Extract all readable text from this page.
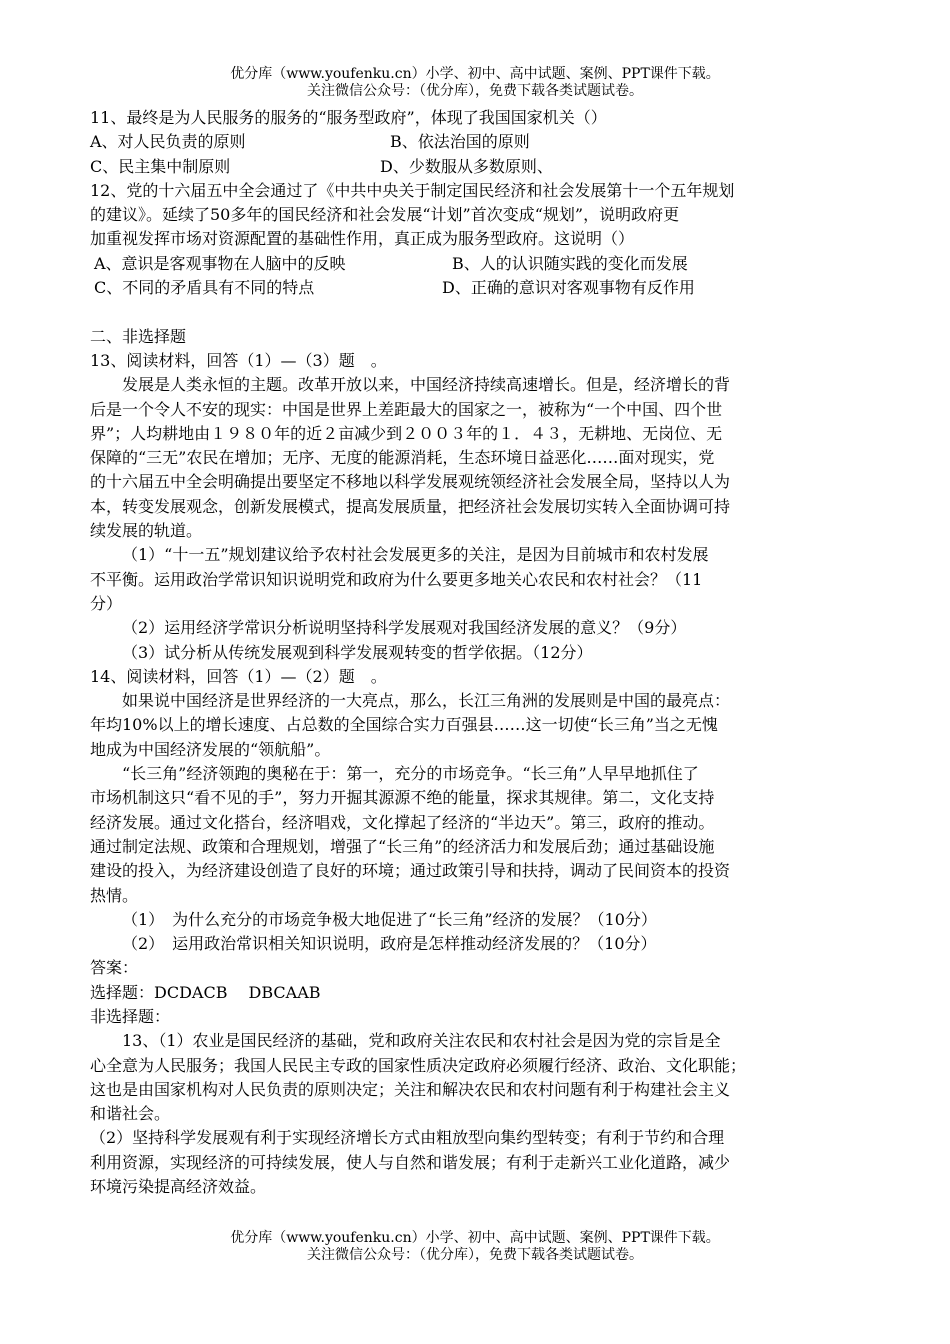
优分库（www.youfenku.cn）小学、初中、高中试题、案例、PPT课件下载。
关注微信公众号：（优分库），免费下载各类试题试卷。

11、最终是为人民服务的服务的“服务型政府”，体现了我国国家机关（）

A、对人民负责的原则	B、依法治国的原则
C、民主集中制原则	D、少数服从多数原则、

12、党的十六届五中全会通过了《中共中央关于制定国民经济和社会发展第十一个五年规划

的建议》。延续了50多年的国民经济和社会发展“计划”首次变成“规划”，说明政府更

加重视发挥市场对资源配置的基础性作用，真正成为服务型政府。这说明（）

A、意识是客观事物在人脑中的反映	B、人的认识随实践的变化而发展
C、不同的矛盾具有不同的特点	D、正确的意识对客观事物有反作用

二、非选择题

13、阅读材料，回答（1）—（3）题　。

发展是人类永恒的主题。改革开放以来，中国经济持续高速增长。但是，经济增长的背

后是一个令人不安的现实：中国是世界上差距最大的国家之一，被称为“一个中国、四个世

界”；人均耕地由１９８０年的近２亩减少到２００３年的１．４３，无耕地、无岗位、无

保障的“三无”农民在增加；无序、无度的能源消耗，生态环境日益恶化……面对现实，党

的十六届五中全会明确提出要坚定不移地以科学发展观统领经济社会发展全局，坚持以人为

本，转变发展观念，创新发展模式，提高发展质量，把经济社会发展切实转入全面协调可持

续发展的轨道。

（1）“十一五”规划建议给予农村社会发展更多的关注，是因为目前城市和农村发展

不平衡。运用政治学常识知识说明党和政府为什么要更多地关心农民和农村社会？（11

分）

（2）运用经济学常识分析说明坚持科学发展观对我国经济发展的意义？（9分）

（3）试分析从传统发展观到科学发展观转变的哲学依据。（12分）

14、阅读材料，回答（1）—（2）题　。

如果说中国经济是世界经济的一大亮点，那么，长江三角洲的发展则是中国的最亮点：

年均10%以上的增长速度、占总数的全国综合实力百强县……这一切使“长三角”当之无愧

地成为中国经济发展的“领航船”。

“长三角”经济领跑的奥秘在于：第一，充分的市场竞争。“长三角”人早早地抓住了

市场机制这只“看不见的手”，努力开掘其源源不绝的能量，探求其规律。第二，文化支持

经济发展。通过文化搭台，经济唱戏，文化撑起了经济的“半边天”。第三，政府的推动。

通过制定法规、政策和合理规划，增强了“长三角”的经济活力和发展后劲；通过基础设施

建设的投入，为经济建设创造了良好的环境；通过政策引导和扶持，调动了民间资本的投资

热情。

（1）　为什么充分的市场竞争极大地促进了“长三角”经济的发展？（10分）

（2）　运用政治常识相关知识说明，政府是怎样推动经济发展的？（10分）

答案：

选择题：DCDACB　 DBCAAB

非选择题：

13、（1）农业是国民经济的基础，党和政府关注农民和农村社会是因为党的宗旨是全

心全意为人民服务；我国人民民主专政的国家性质决定政府必须履行经济、政治、文化职能；

这也是由国家机构对人民负责的原则决定；关注和解决农民和农村问题有利于构建社会主义

和谐社会。

（2）坚持科学发展观有利于实现经济增长方式由粗放型向集约型转变；有利于节约和合理

利用资源，实现经济的可持续发展，使人与自然和谐发展；有利于走新兴工业化道路，减少

环境污染提高经济效益。

优分库（www.youfenku.cn）小学、初中、高中试题、案例、PPT课件下载。
关注微信公众号：（优分库），免费下载各类试题试卷。
